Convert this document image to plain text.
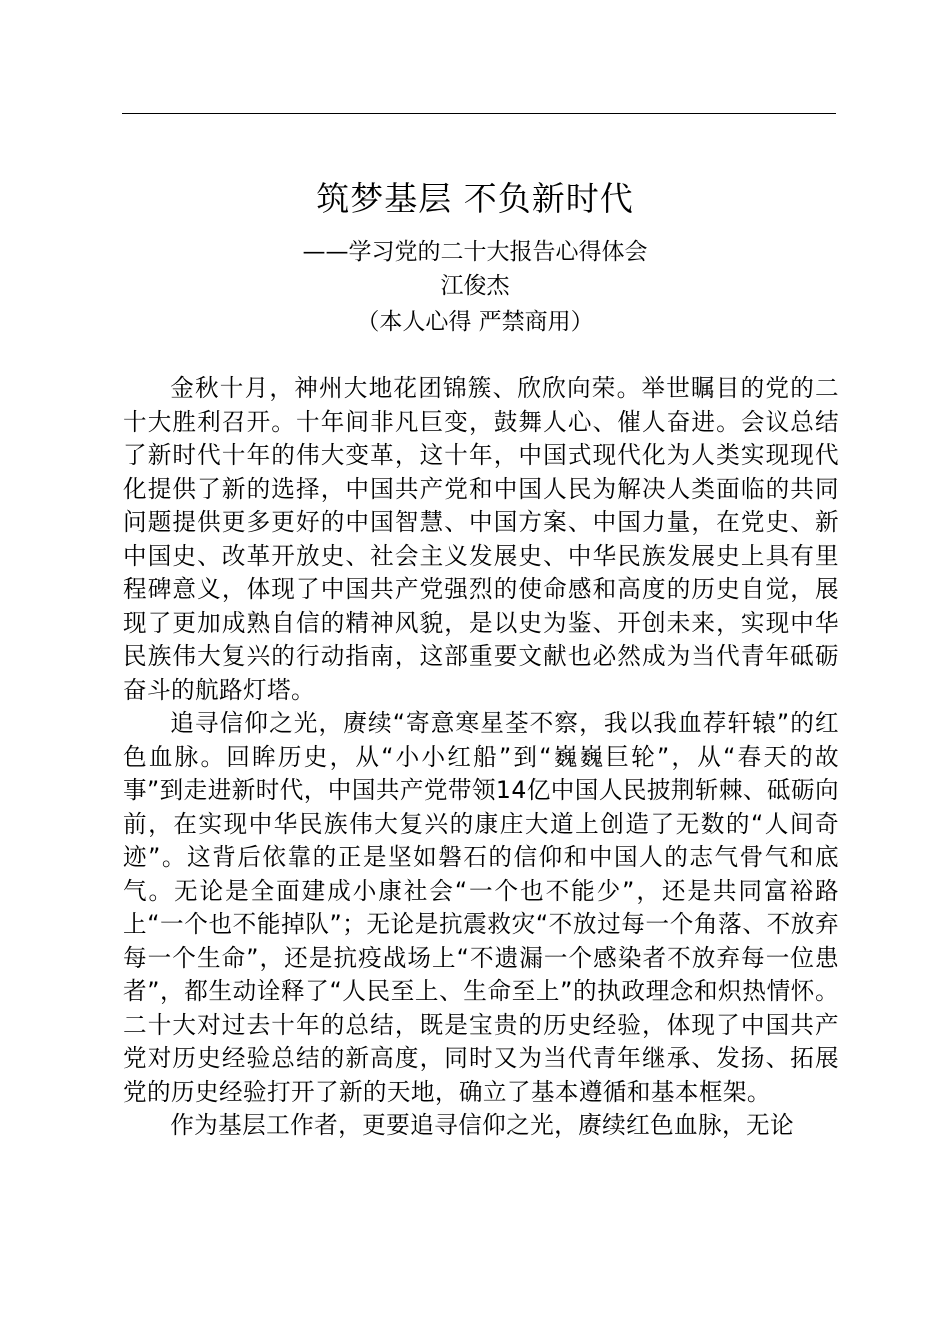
筑梦基层 不负新时代
——学习党的二十大报告心得体会
江俊杰
（本人心得 严禁商用）

金秋十月，神州大地花团锦簇、欣欣向荣。举世瞩目的党的二十大胜利召开。十年间非凡巨变，鼓舞人心、催人奋进。会议总结了新时代十年的伟大变革，这十年，中国式现代化为人类实现现代化提供了新的选择，中国共产党和中国人民为解决人类面临的共同问题提供更多更好的中国智慧、中国方案、中国力量，在党史、新中国史、改革开放史、社会主义发展史、中华民族发展史上具有里程碑意义，体现了中国共产党强烈的使命感和高度的历史自觉，展现了更加成熟自信的精神风貌，是以史为鉴、开创未来，实现中华民族伟大复兴的行动指南，这部重要文献也必然成为当代青年砥砺奋斗的航路灯塔。

追寻信仰之光，赓续“寄意寒星荃不察，我以我血荐轩辕”的红色血脉。回眸历史，从“小小红船”到“巍巍巨轮”，从“春天的故事”到走进新时代，中国共产党带领14亿中国人民披荆斩棘、砥砺向前，在实现中华民族伟大复兴的康庄大道上创造了无数的“人间奇迹”。这背后依靠的正是坚如磐石的信仰和中国人的志气骨气和底气。无论是全面建成小康社会“一个也不能少”，还是共同富裕路上“一个也不能掉队”；无论是抗震救灾“不放过每一个角落、不放弃每一个生命”，还是抗疫战场上“不遗漏一个感染者不放弃每一位患者”，都生动诠释了“人民至上、生命至上”的执政理念和炽热情怀。二十大对过去十年的总结，既是宝贵的历史经验，体现了中国共产党对历史经验总结的新高度，同时又为当代青年继承、发扬、拓展党的历史经验打开了新的天地，确立了基本遵循和基本框架。

作为基层工作者，更要追寻信仰之光，赓续红色血脉，无论
